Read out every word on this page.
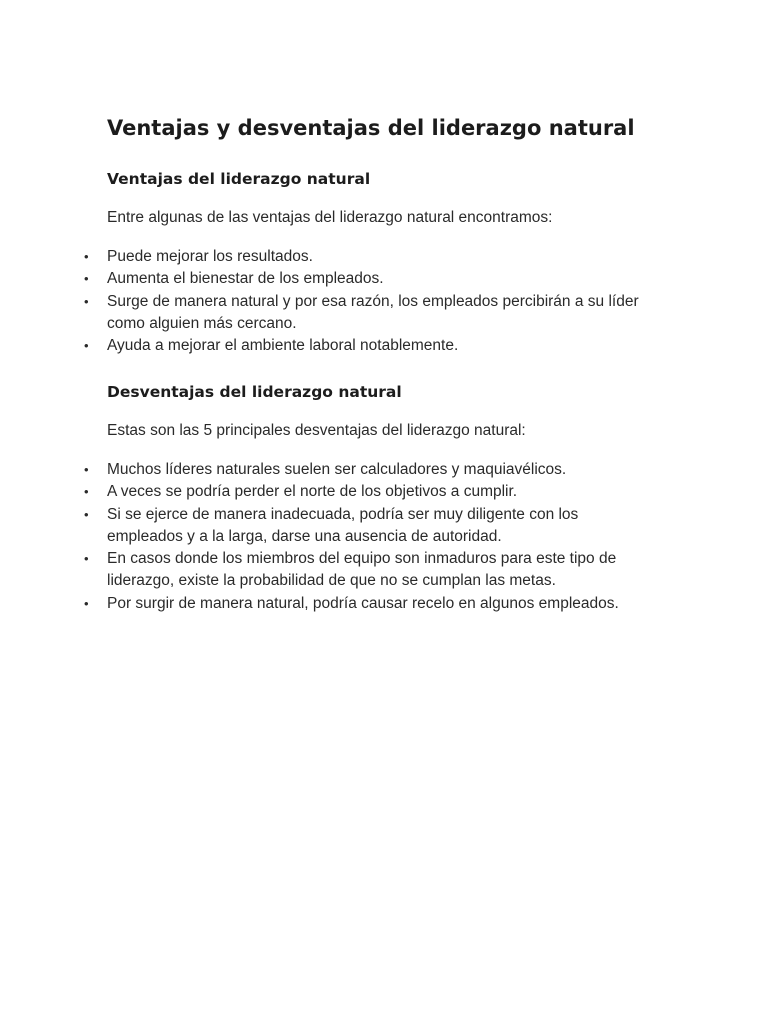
Ventajas y desventajas del liderazgo natural
Ventajas del liderazgo natural

Entre algunas de las ventajas del liderazgo natural encontramos:

• Puede mejorar los resultados.
• Aumenta el bienestar de los empleados.
• Surge de manera natural y por esa razón, los empleados percibirán a su líder como alguien más cercano.
• Ayuda a mejorar el ambiente laboral notablemente.
Desventajas del liderazgo natural

Estas son las 5 principales desventajas del liderazgo natural:

• Muchos líderes naturales suelen ser calculadores y maquiavélicos.
• A veces se podría perder el norte de los objetivos a cumplir.
• Si se ejerce de manera inadecuada, podría ser muy diligente con los empleados y a la larga, darse una ausencia de autoridad.
• En casos donde los miembros del equipo son inmaduros para este tipo de liderazgo, existe la probabilidad de que no se cumplan las metas.
• Por surgir de manera natural, podría causar recelo en algunos empleados.
